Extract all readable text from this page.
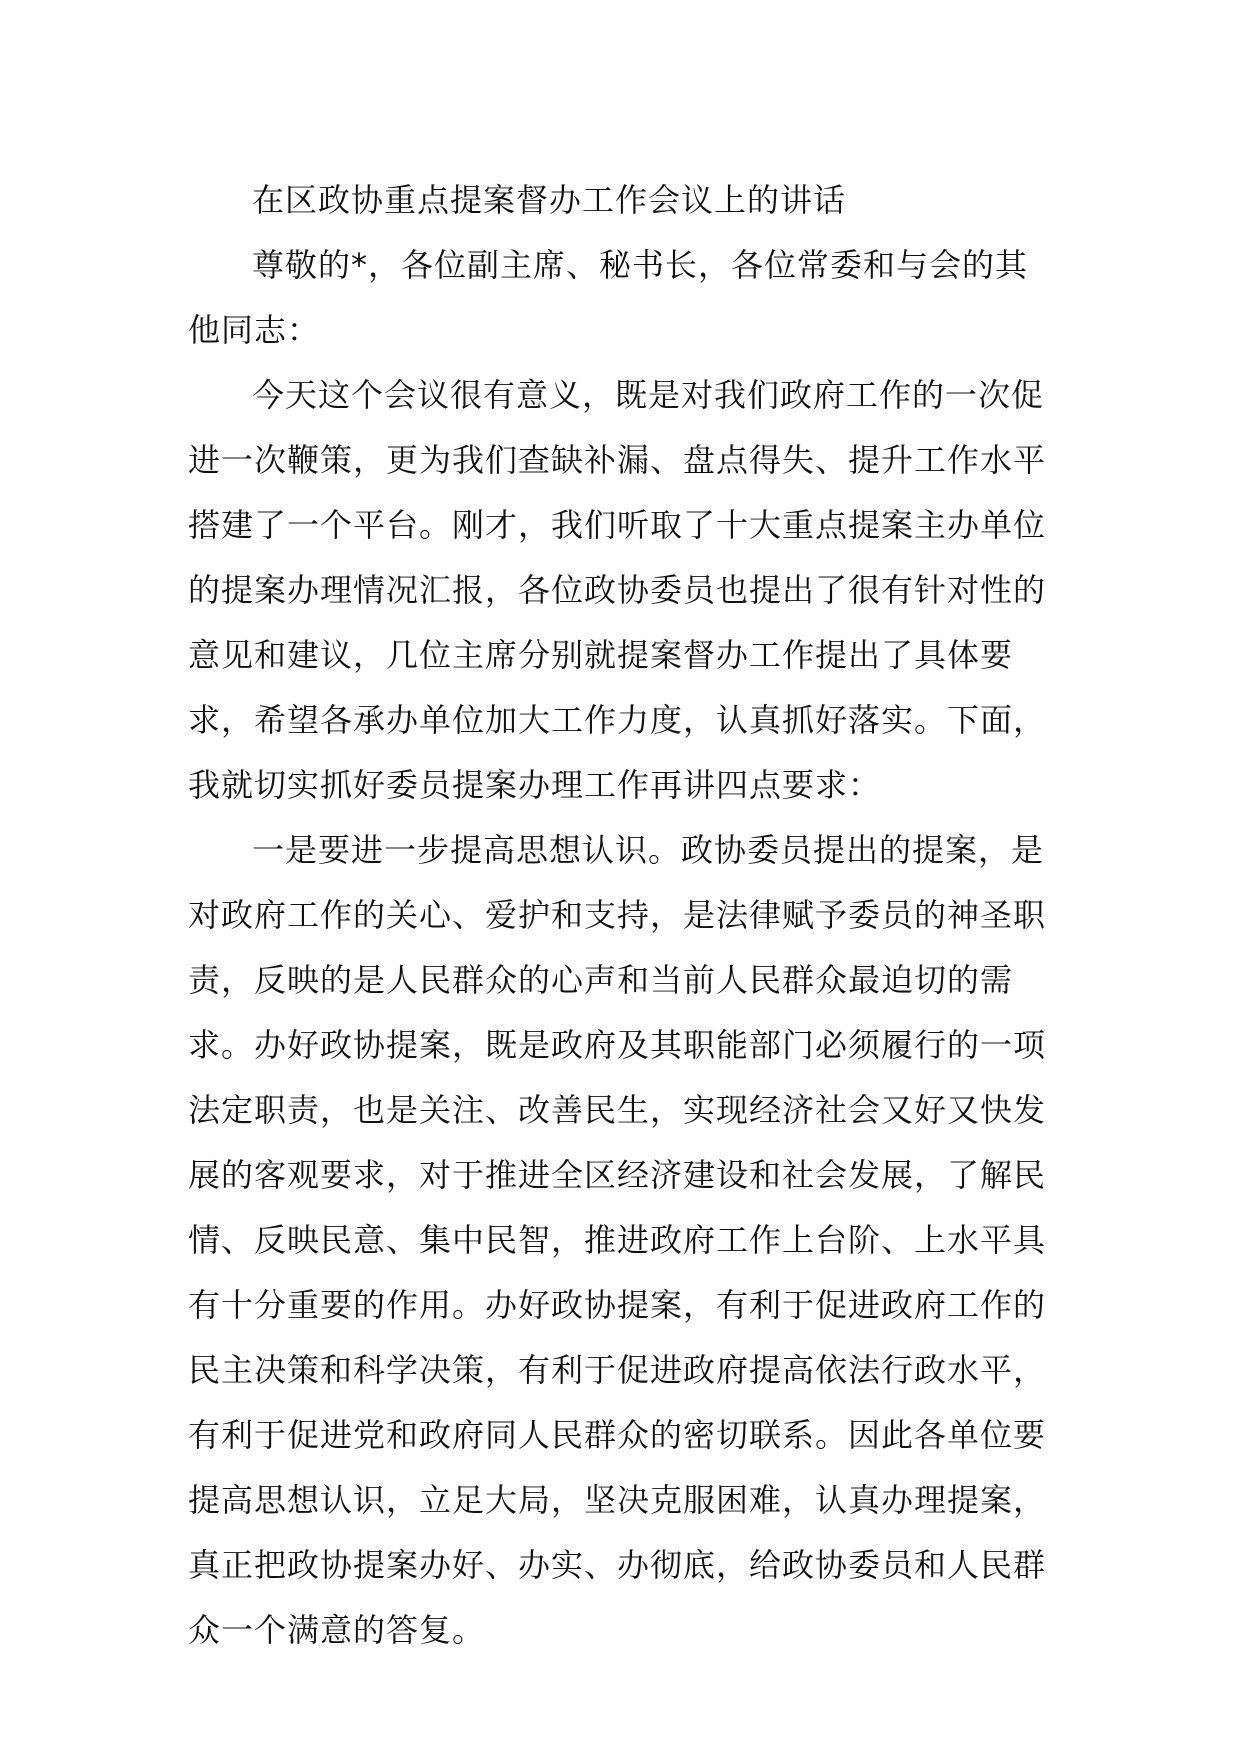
在区政协重点提案督办工作会议上的讲话

尊敬的*，各位副主席、秘书长，各位常委和与会的其他同志：

今天这个会议很有意义，既是对我们政府工作的一次促进一次鞭策，更为我们查缺补漏、盘点得失、提升工作水平搭建了一个平台。刚才，我们听取了十大重点提案主办单位的提案办理情况汇报，各位政协委员也提出了很有针对性的意见和建议，几位主席分别就提案督办工作提出了具体要求，希望各承办单位加大工作力度，认真抓好落实。下面，我就切实抓好委员提案办理工作再讲四点要求：

一是要进一步提高思想认识。政协委员提出的提案，是对政府工作的关心、爱护和支持，是法律赋予委员的神圣职责，反映的是人民群众的心声和当前人民群众最迫切的需求。办好政协提案，既是政府及其职能部门必须履行的一项法定职责，也是关注、改善民生，实现经济社会又好又快发展的客观要求，对于推进全区经济建设和社会发展，了解民情、反映民意、集中民智，推进政府工作上台阶、上水平具有十分重要的作用。办好政协提案，有利于促进政府工作的民主决策和科学决策，有利于促进政府提高依法行政水平，有利于促进党和政府同人民群众的密切联系。因此各单位要提高思想认识，立足大局，坚决克服困难，认真办理提案，真正把政协提案办好、办实、办彻底，给政协委员和人民群众一个满意的答复。
